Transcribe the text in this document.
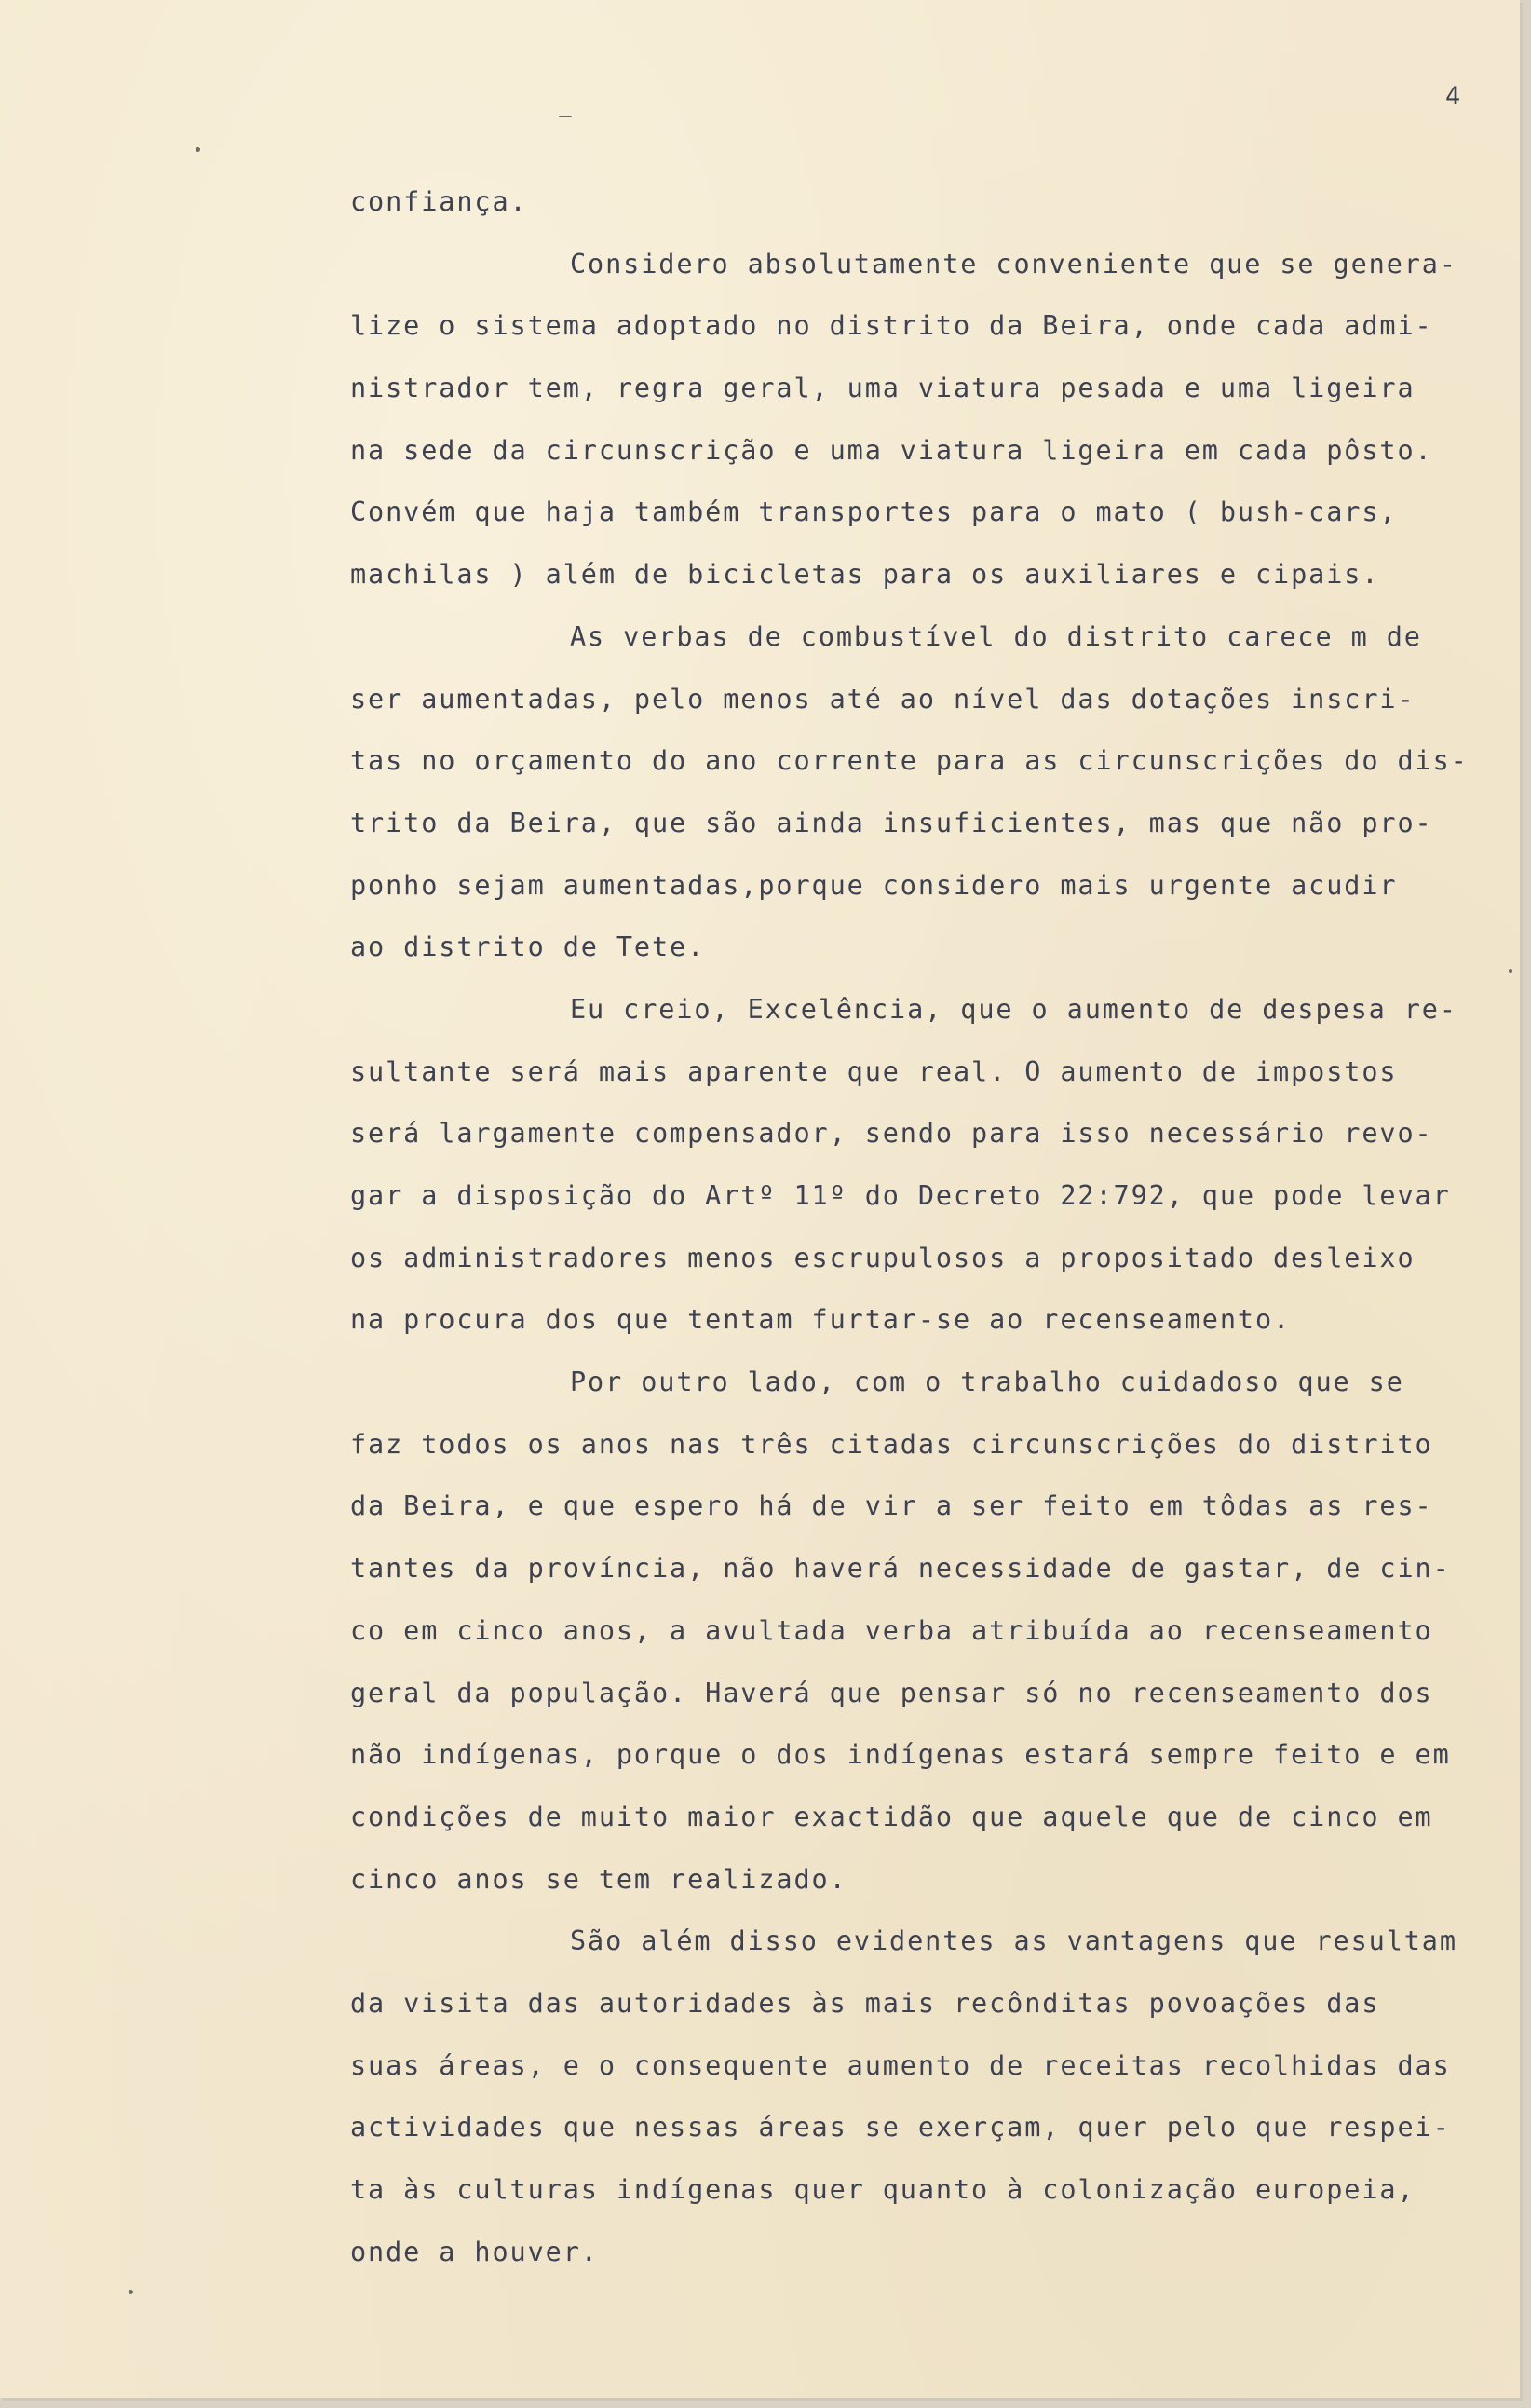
4
confiança.
Considero absolutamente conveniente que se genera-
lize o sistema adoptado no distrito da Beira, onde cada admi-
nistrador tem, regra geral, uma viatura pesada e uma ligeira
na sede da circunscrição e uma viatura ligeira em cada pôsto.
Convém que haja também transportes para o mato ( bush-cars,
machilas ) além de bicicletas para os auxiliares e cipais.
As verbas de combustível do distrito carece m de
ser aumentadas, pelo menos até ao nível das dotações inscri-
tas no orçamento do ano corrente para as circunscrições do dis-
trito da Beira, que são ainda insuficientes, mas que não pro-
ponho sejam aumentadas,porque considero mais urgente acudir
ao distrito de Tete.
Eu creio, Excelência, que o aumento de despesa re-
sultante será mais aparente que real. O aumento de impostos
será largamente compensador, sendo para isso necessário revo-
gar a disposição do Artº 11º do Decreto 22:792, que pode levar
os administradores menos escrupulosos a propositado desleixo
na procura dos que tentam furtar-se ao recenseamento.
Por outro lado, com o trabalho cuidadoso que se
faz todos os anos nas três citadas circunscrições do distrito
da Beira, e que espero há de vir a ser feito em tôdas as res-
tantes da província, não haverá necessidade de gastar, de cin-
co em cinco anos, a avultada verba atribuída ao recenseamento
geral da população. Haverá que pensar só no recenseamento dos
não indígenas, porque o dos indígenas estará sempre feito e em
condições de muito maior exactidão que aquele que de cinco em
cinco anos se tem realizado.
São além disso evidentes as vantagens que resultam
da visita das autoridades às mais recônditas povoações das
suas áreas, e o consequente aumento de receitas recolhidas das
actividades que nessas áreas se exerçam, quer pelo que respei-
ta às culturas indígenas quer quanto à colonização europeia,
onde a houver.
